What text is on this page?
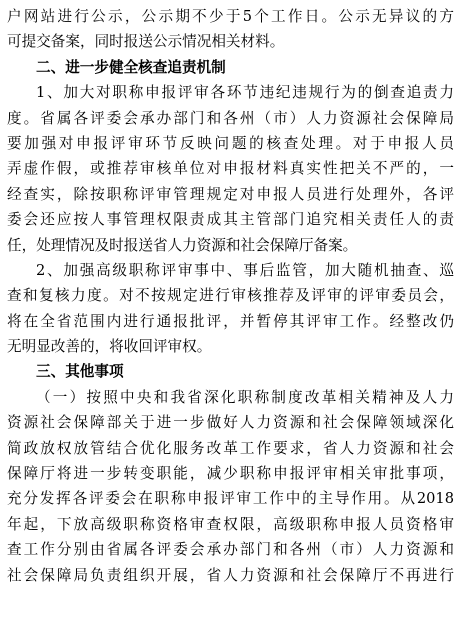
户网站进行公示，公示期不少于5个工作日。公示无异议的方
可提交备案，同时报送公示情况相关材料。
二、进一步健全核查追责机制
1、加大对职称申报评审各环节违纪违规行为的倒查追责力
度。省属各评委会承办部门和各州（市）人力资源社会保障局
要加强对申报评审环节反映问题的核查处理。对于申报人员
弄虚作假，或推荐审核单位对申报材料真实性把关不严的，一
经查实，除按职称评审管理规定对申报人员进行处理外，各评
委会还应按人事管理权限责成其主管部门追究相关责任人的责
任，处理情况及时报送省人力资源和社会保障厅备案。
2、加强高级职称评审事中、事后监管，加大随机抽查、巡
查和复核力度。对不按规定进行审核推荐及评审的评审委员会，
将在全省范围内进行通报批评，并暂停其评审工作。经整改仍
无明显改善的，将收回评审权。
三、其他事项
（一）按照中央和我省深化职称制度改革相关精神及人力
资源社会保障部关于进一步做好人力资源和社会保障领域深化
简政放权放管结合优化服务改革工作要求，省人力资源和社会
保障厅将进一步转变职能，减少职称申报评审相关审批事项，
充分发挥各评委会在职称申报评审工作中的主导作用。从2018
年起，下放高级职称资格审查权限，高级职称申报人员资格审
查工作分别由省属各评委会承办部门和各州（市）人力资源和
社会保障局负责组织开展，省人力资源和社会保障厅不再进行
